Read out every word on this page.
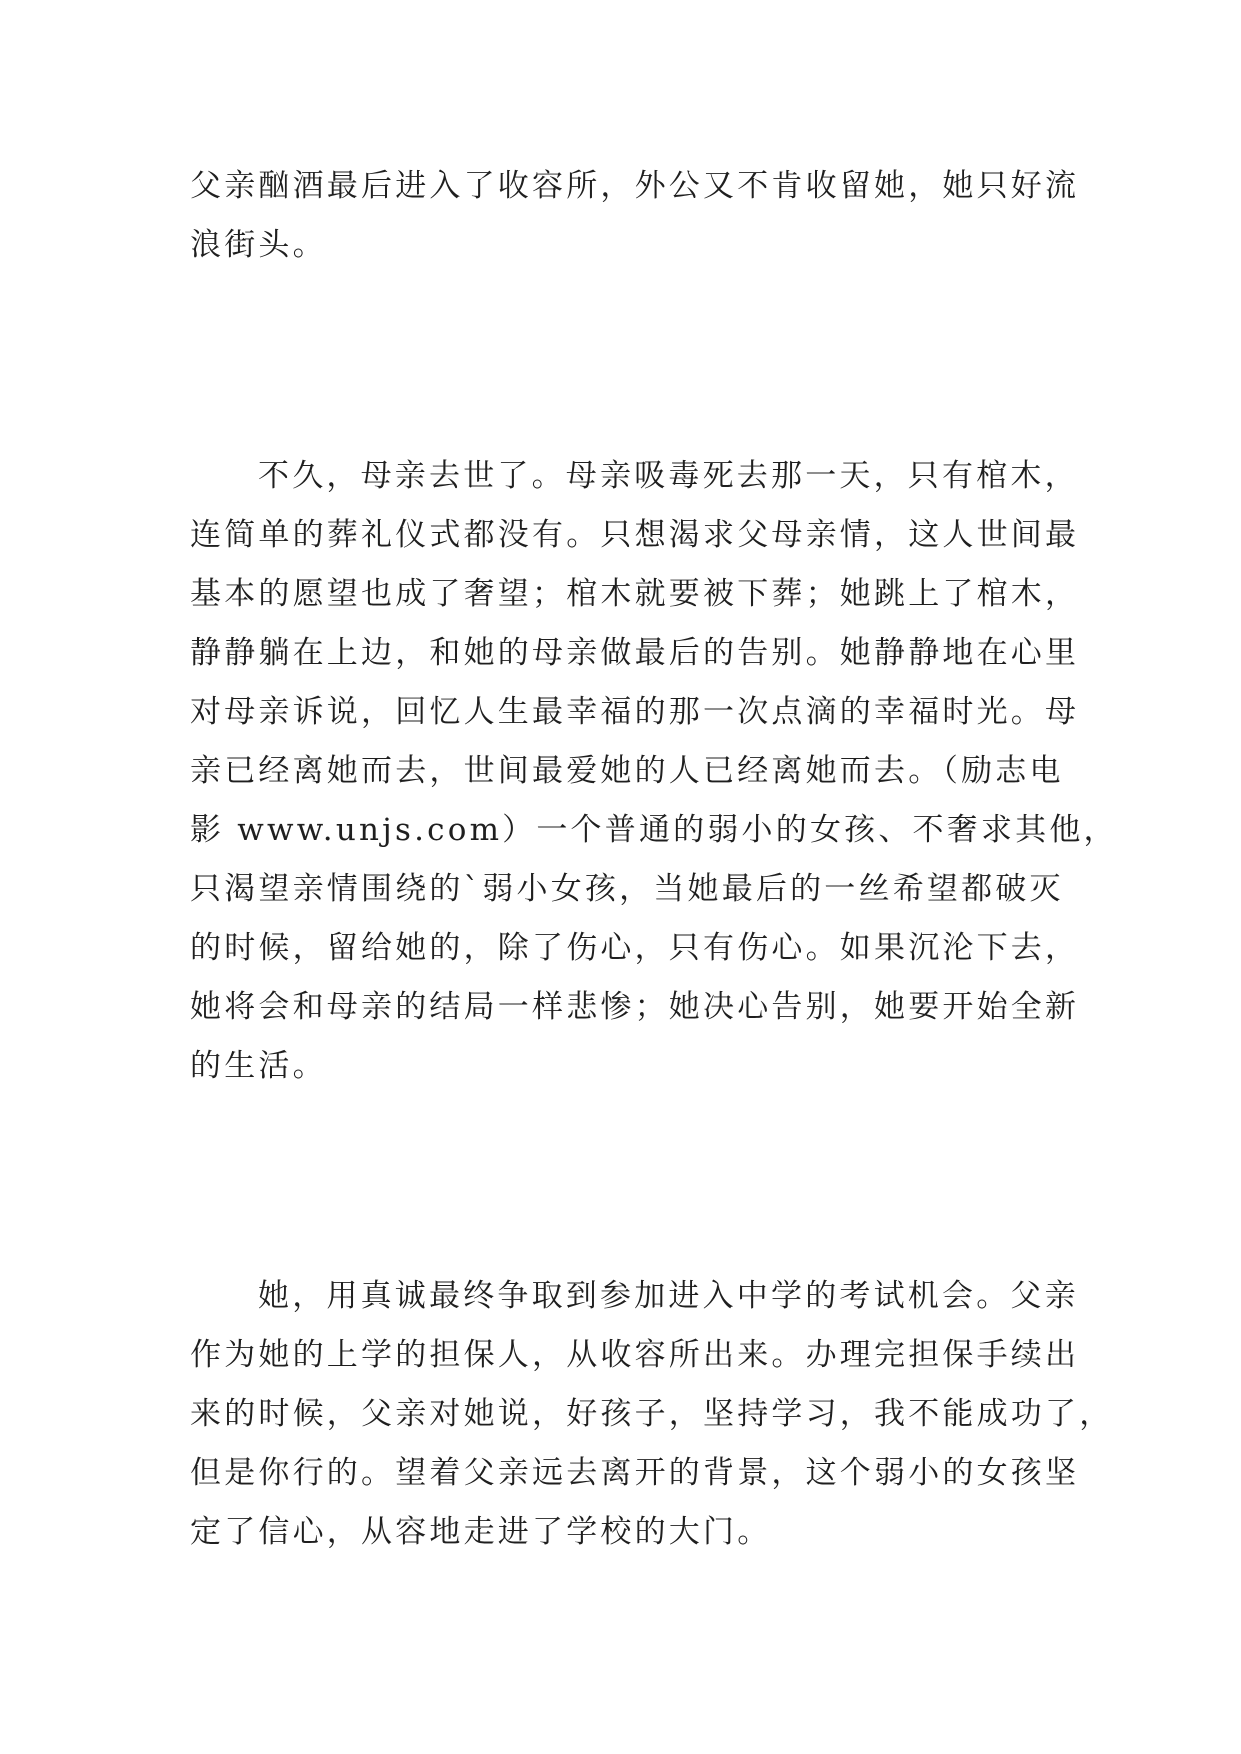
父亲酗酒最后进入了收容所，外公又不肯收留她，她只好流

浪街头。

不久，母亲去世了。母亲吸毒死去那一天，只有棺木，

连简单的葬礼仪式都没有。只想渴求父母亲情，这人世间最

基本的愿望也成了奢望；棺木就要被下葬；她跳上了棺木，

静静躺在上边，和她的母亲做最后的告别。她静静地在心里

对母亲诉说，回忆人生最幸福的那一次点滴的幸福时光。母

亲已经离她而去，世间最爱她的人已经离她而去。（励志电

影 www.unjs.com）一个普通的弱小的女孩、不奢求其他，

只渴望亲情围绕的`弱小女孩，当她最后的一丝希望都破灭

的时候，留给她的，除了伤心，只有伤心。如果沉沦下去，

她将会和母亲的结局一样悲惨；她决心告别，她要开始全新

的生活。

她，用真诚最终争取到参加进入中学的考试机会。父亲

作为她的上学的担保人，从收容所出来。办理完担保手续出

来的时候，父亲对她说，好孩子，坚持学习，我不能成功了，

但是你行的。望着父亲远去离开的背景，这个弱小的女孩坚

定了信心，从容地走进了学校的大门。
